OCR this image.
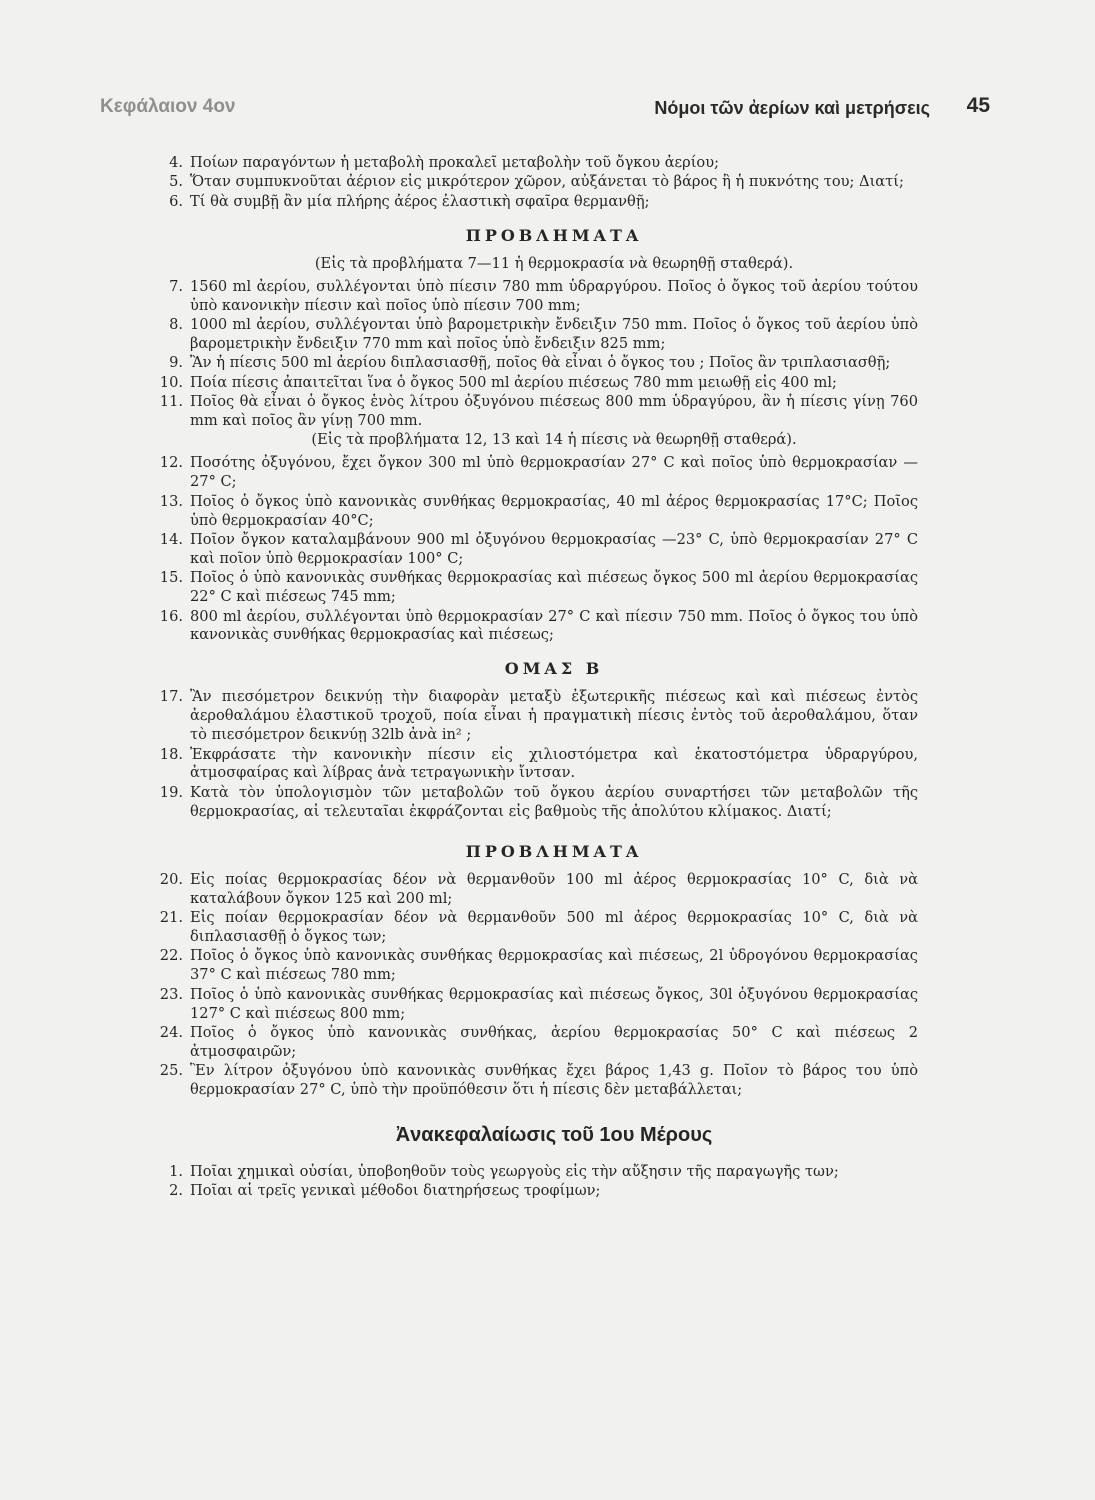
Κεφάλαιον 4ον	Νόμοι τῶν ἀερίων καὶ μετρήσεις 45
4. Ποίων παραγόντων ἡ μεταβολὴ προκαλεῖ μεταβολὴν τοῦ ὄγκου ἀερίου;
5. Ὅταν συμπυκνοῦται ἀέριον εἰς μικρότερον χῶρον, αὐξάνεται τὸ βάρος ἢ ἡ πυκνότης του; Διατί;
6. Τί θὰ συμβῇ ἂν μία πλήρης ἀέρος ἐλαστικὴ σφαῖρα θερμανθῇ;
ΠΡΟΒΛΗΜΑΤΑ
(Εἰς τὰ προβλήματα 7—11 ἡ θερμοκρασία νὰ θεωρηθῇ σταθερά).
7. 1560 ml ἀερίου, συλλέγονται ὑπὸ πίεσιν 780 mm ὑδραργύρου. Ποῖος ὁ ὄγκος τοῦ ἀερίου τούτου ὑπὸ κανονικὴν πίεσιν καὶ ποῖος ὑπὸ πίεσιν 700 mm;
8. 1000 ml ἀερίου, συλλέγονται ὑπὸ βαρομετρικὴν ἔνδειξιν 750 mm. Ποῖος ὁ ὄγκος τοῦ ἀερίου ὑπὸ βαρομετρικὴν ἔνδειξιν 770 mm καὶ ποῖος ὑπὸ ἔνδειξιν 825 mm;
9. Ἂν ἡ πίεσις 500 ml ἀερίου διπλασιασθῇ, ποῖος θὰ εἶναι ὁ ὄγκος του ; Ποῖος ἂν τριπλασιασθῇ;
10. Ποία πίεσις ἀπαιτεῖται ἵνα ὁ ὄγκος 500 ml ἀερίου πιέσεως 780 mm μειωθῇ εἰς 400 ml;
11. Ποῖος θὰ εἶναι ὁ ὄγκος ἑνὸς λίτρου ὀξυγόνου πιέσεως 800 mm ὑδραγύρου, ἂν ἡ πίεσις γίνῃ 760 mm καὶ ποῖος ἂν γίνῃ 700 mm.
(Εἰς τὰ προβλήματα 12, 13 καὶ 14 ἡ πίεσις νὰ θεωρηθῇ σταθερά).
12. Ποσότης ὀξυγόνου, ἔχει ὄγκον 300 ml ὑπὸ θερμοκρασίαν 27° C καὶ ποῖος ὑπὸ θερμοκρασίαν —27° C;
13. Ποῖος ὁ ὄγκος ὑπὸ κανονικὰς συνθήκας θερμοκρασίας, 40 ml ἀέρος θερμοκρασίας 17°C; Ποῖος ὑπὸ θερμοκρασίαν 40°C;
14. Ποῖον ὄγκον καταλαμβάνουν 900 ml ὀξυγόνου θερμοκρασίας —23° C, ὑπὸ θερμοκρασίαν 27° C καὶ ποῖον ὑπὸ θερμοκρασίαν 100° C;
15. Ποῖος ὁ ὑπὸ κανονικὰς συνθήκας θερμοκρασίας καὶ πιέσεως ὄγκος 500 ml ἀερίου θερμοκρασίας 22° C καὶ πιέσεως 745 mm;
16. 800 ml ἀερίου, συλλέγονται ὑπὸ θερμοκρασίαν 27° C καὶ πίεσιν 750 mm. Ποῖος ὁ ὄγκος του ὑπὸ κανονικὰς συνθήκας θερμοκρασίας καὶ πιέσεως;
ΟΜΑΣ Β
17. Ἂν πιεσόμετρον δεικνύῃ τὴν διαφορὰν μεταξὺ ἐξωτερικῆς πιέσεως καὶ καὶ πιέσεως ἐντὸς ἀεροθαλάμου ἐλαστικοῦ τροχοῦ, ποία εἶναι ἡ πραγματικὴ πίεσις ἐντὸς τοῦ ἀεροθαλάμου, ὅταν τὸ πιεσόμετρον δεικνύῃ 32lb ἀνὰ in² ;
18. Ἐκφράσατε τὴν κανονικὴν πίεσιν εἰς χιλιοστόμετρα καὶ ἑκατοστόμετρα ὑδραργύρου, ἀτμοσφαίρας καὶ λίβρας ἀνὰ τετραγωνικὴν ἴντσαν.
19. Κατὰ τὸν ὑπολογισμὸν τῶν μεταβολῶν τοῦ ὄγκου ἀερίου συναρτήσει τῶν μεταβολῶν τῆς θερμοκρασίας, αἱ τελευταῖαι ἐκφράζονται εἰς βαθμοὺς τῆς ἀπολύτου κλίμακος. Διατί;
ΠΡΟΒΛΗΜΑΤΑ
20. Εἰς ποίας θερμοκρασίας δέον νὰ θερμανθοῦν 100 ml ἀέρος θερμοκρασίας 10° C, διὰ νὰ καταλάβουν ὄγκον 125 καὶ 200 ml;
21. Εἰς ποίαν θερμοκρασίαν δέον νὰ θερμανθοῦν 500 ml ἀέρος θερμοκρασίας 10° C, διὰ νὰ διπλασιασθῇ ὁ ὄγκος των;
22. Ποῖος ὁ ὄγκος ὑπὸ κανονικὰς συνθήκας θερμοκρασίας καὶ πιέσεως, 2l ὑδρογόνου θερμοκρασίας 37° C καὶ πιέσεως 780 mm;
23. Ποῖος ὁ ὑπὸ κανονικὰς συνθήκας θερμοκρασίας καὶ πιέσεως ὄγκος, 30l ὀξυγόνου θερμοκρασίας 127° C καὶ πιέσεως 800 mm;
24. Ποῖος ὁ ὄγκος ὑπὸ κανονικὰς συνθήκας, ἀερίου θερμοκρασίας 50° C καὶ πιέσεως 2 ἀτμοσφαιρῶν;
25. Ἓν λίτρον ὀξυγόνου ὑπὸ κανονικὰς συνθήκας ἔχει βάρος 1,43 g. Ποῖον τὸ βάρος του ὑπὸ θερμοκρασίαν 27° C, ὑπὸ τὴν προϋπόθεσιν ὅτι ἡ πίεσις δὲν μεταβάλλεται;
Ἀνακεφαλαίωσις τοῦ 1ου Μέρους
1. Ποῖαι χημικαὶ οὐσίαι, ὑποβοηθοῦν τοὺς γεωργοὺς εἰς τὴν αὔξησιν τῆς παραγωγῆς των;
2. Ποῖαι αἱ τρεῖς γενικαὶ μέθοδοι διατηρήσεως τροφίμων;
